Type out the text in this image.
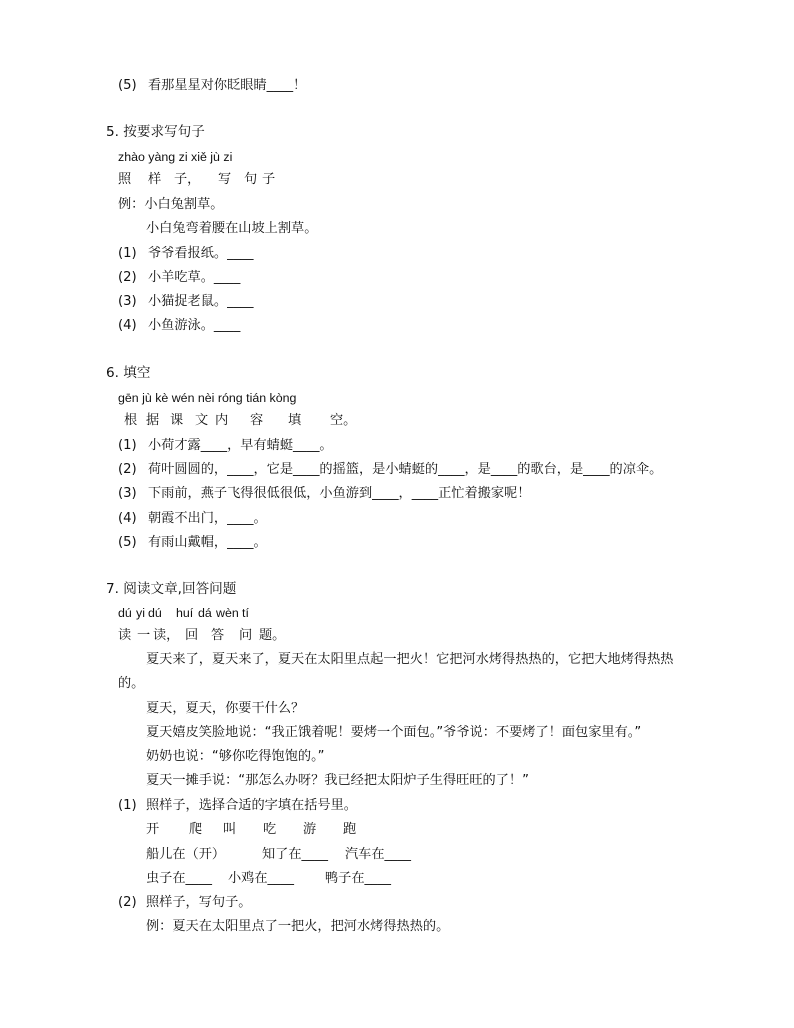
(5) 看那星星对你眨眼睛____！
5. 按要求写句子
zhào yàng zi xiě jù zi
照 样 子， 写 句 子
例：小白兔割草。
小白兔弯着腰在山坡上割草。
(1) 爷爷看报纸。____
(2) 小羊吃草。____
(3) 小猫捉老鼠。____
(4) 小鱼游泳。____
6. 填空
gēn jù kè wén nèi róng tián kòng
根 据 课 文 内 容 填 空。
(1) 小荷才露____，早有蜻蜓____。
(2) 荷叶圆圆的，____，它是____的摇篮，是小蜻蜓的____，是____的歌台，是____的凉伞。
(3) 下雨前，燕子飞得很低很低，小鱼游到____，____正忙着搬家呢！
(4) 朝霞不出门，____。
(5) 有雨山戴帽，____。
7. 阅读文章,回答问题
dú yi dú huí dá wèn tí
读 一 读， 回 答 问 题。
夏天来了，夏天来了，夏天在太阳里点起一把火！它把河水烤得热热的，它把大地烤得热热
的。
夏天，夏天，你要干什么？
夏天嬉皮笑脸地说：“我正饿着呢！要烤一个面包。”爷爷说：不要烤了！面包家里有。”
奶奶也说：“够你吃得饱饱的。”
夏天一摊手说：“那怎么办呀？我已经把太阳炉子生得旺旺的了！”
(1) 照样子，选择合适的字填在括号里。
开 爬 叫 吃 游 跑
船儿在（开）	知了在____ 汽车在____
虫子在____ 小鸡在____ 鸭子在____
(2) 照样子，写句子。
例：夏天在太阳里点了一把火，把河水烤得热热的。
